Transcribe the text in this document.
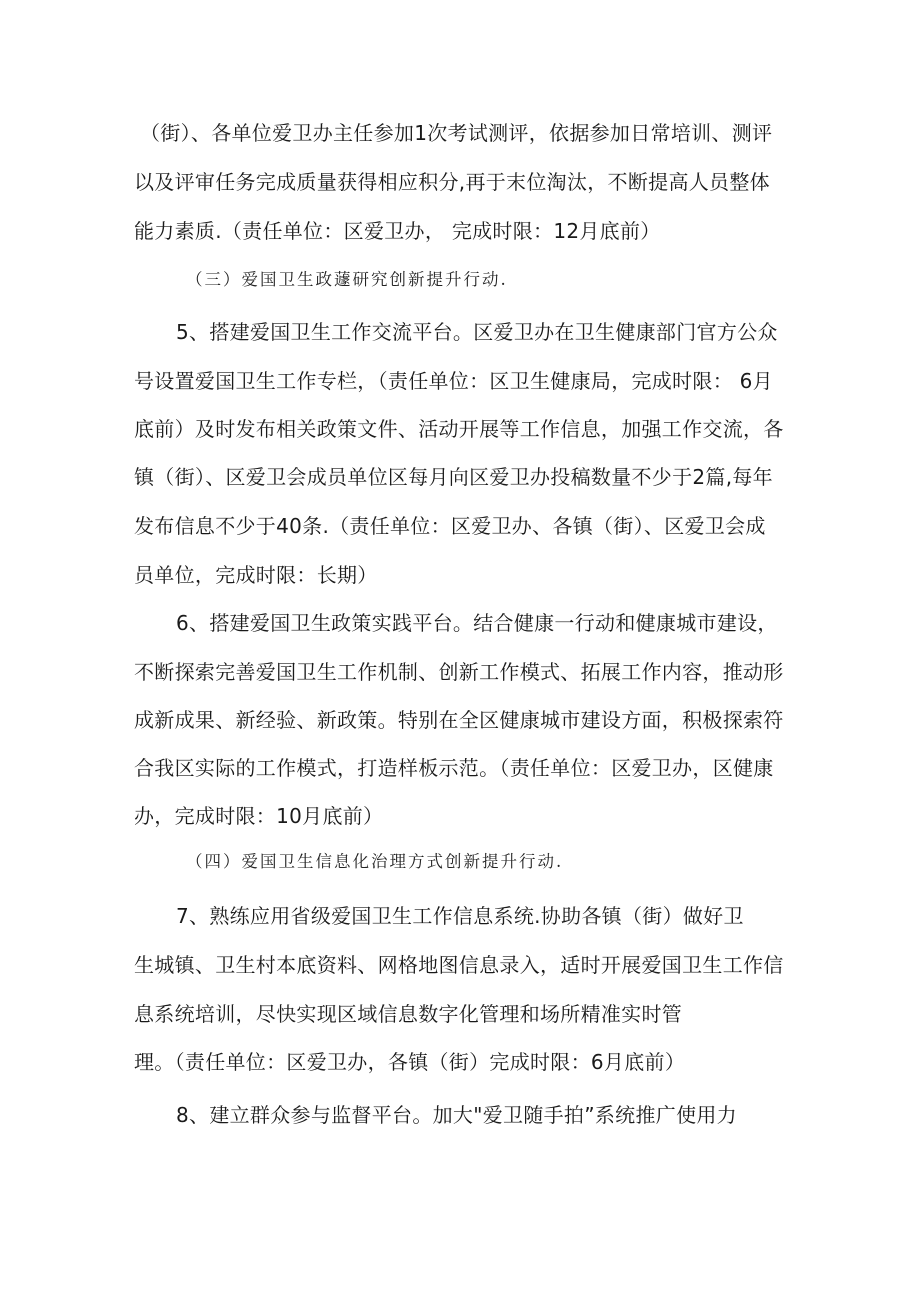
（街）、各单位爱卫办主任参加1次考试测评，依据参加日常培训、测评
以及评审任务完成质量获得相应积分,再于末位淘汰，不断提高人员整体
能力素质.（责任单位：区爱卫办， 完成时限：12月底前）
（三）爱国卫生政蘧研究创新提升行动.
5、搭建爱国卫生工作交流平台。区爱卫办在卫生健康部门官方公众
号设置爱国卫生工作专栏，（责任单位：区卫生健康局，完成时限： 6月
底前）及时发布相关政策文件、活动开展等工作信息，加强工作交流，各
镇（街）、区爱卫会成员单位区每月向区爱卫办投稿数量不少于2篇,每年
发布信息不少于40条.（责任单位：区爱卫办、各镇（街）、区爱卫会成
员单位，完成时限：长期）
6、搭建爱国卫生政策实践平台。结合健康一行动和健康城市建设，
不断探索完善爱国卫生工作机制、创新工作模式、拓展工作内容，推动形
成新成果、新经验、新政策。特别在全区健康城市建设方面，积极探索符
合我区实际的工作模式，打造样板示范。（责任单位：区爱卫办，区健康
办，完成时限：10月底前）
（四）爱国卫生信息化治理方式创新提升行动.
7、熟练应用省级爱国卫生工作信息系统.协助各镇（街）做好卫
生城镇、卫生村本底资料、网格地图信息录入，适时开展爱国卫生工作信
息系统培训，尽快实现区域信息数字化管理和场所精准实时管
理。（责任单位：区爱卫办，各镇（街）完成时限：6月底前）
8、建立群众参与监督平台。加大"爱卫随手拍”系统推广使用力
